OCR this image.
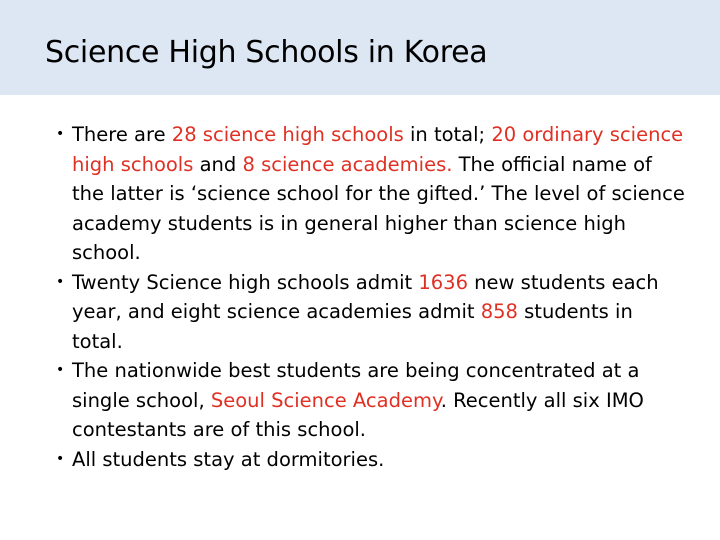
Science High Schools in Korea
• There are 28 science high schools in total; 20 ordinary science high schools and 8 science academies. The official name of the latter is ‘science school for the gifted.’ The level of science academy students is in general higher than science high school.
• Twenty Science high schools admit 1636 new students each year, and eight science academies admit 858 students in total.
• The nationwide best students are being concentrated at a single school, Seoul Science Academy. Recently all six IMO contestants are of this school.
• All students stay at dormitories.
